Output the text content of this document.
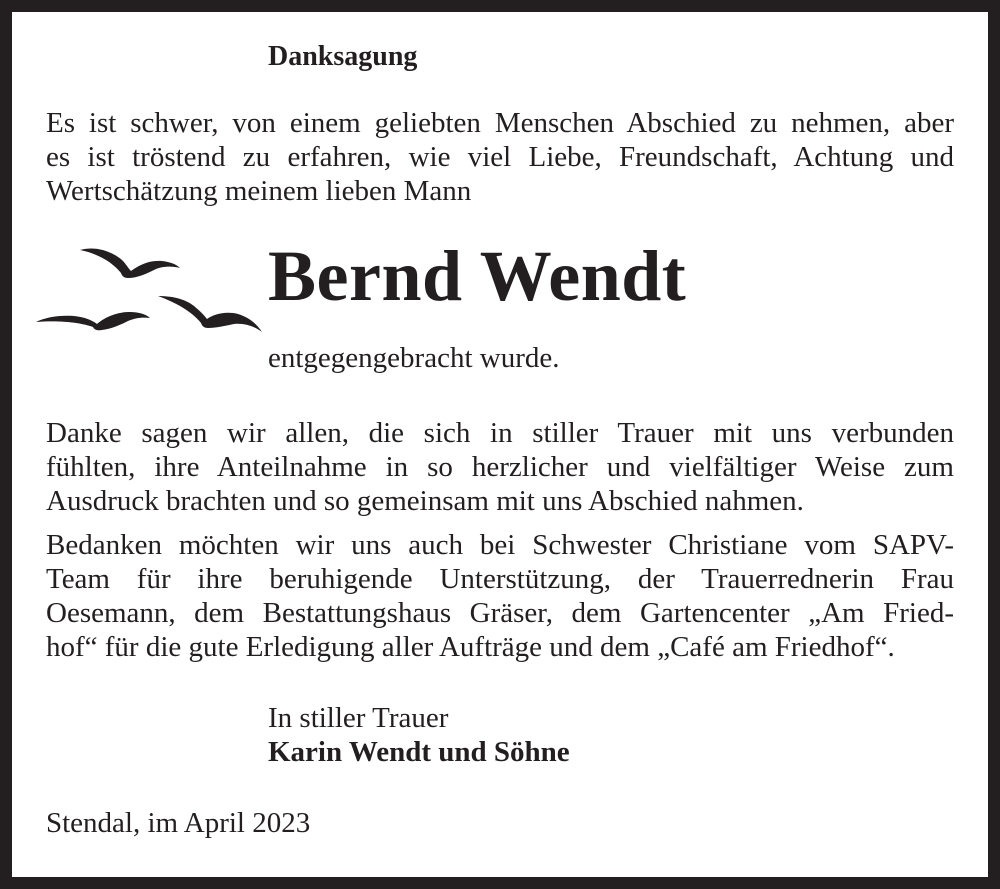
Danksagung

Es ist schwer, von einem geliebten Menschen Abschied zu nehmen, aber
es ist tröstend zu erfahren, wie viel Liebe, Freundschaft, Achtung und
Wertschätzung meinem lieben Mann

Bernd Wendt

entgegengebracht wurde.

Danke sagen wir allen, die sich in stiller Trauer mit uns verbunden
fühlten, ihre Anteilnahme in so herzlicher und vielfältiger Weise zum
Ausdruck brachten und so gemeinsam mit uns Abschied nahmen.

Bedanken möchten wir uns auch bei Schwester Christiane vom SAPV-
Team für ihre beruhigende Unterstützung, der Trauerrednerin Frau
Oesemann, dem Bestattungshaus Gräser, dem Gartencenter „Am Fried-
hof“ für die gute Erledigung aller Aufträge und dem „Café am Friedhof“.

In stiller Trauer

Karin Wendt und Söhne

Stendal, im April 2023
